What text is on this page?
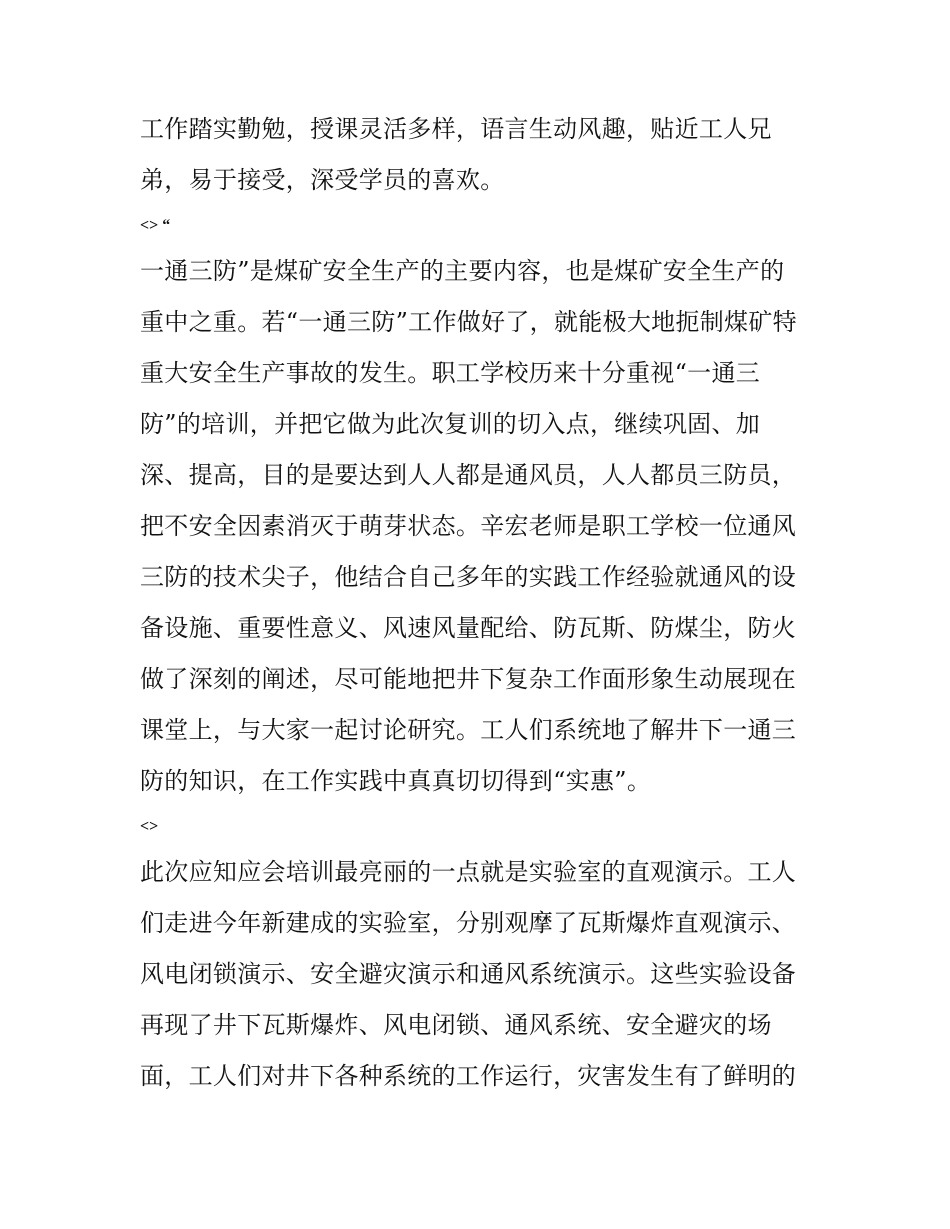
工作踏实勤勉，授课灵活多样，语言生动风趣，贴近工人兄
弟，易于接受，深受学员的喜欢。
<> “
一通三防”是煤矿安全生产的主要内容，也是煤矿安全生产的
重中之重。若“一通三防”工作做好了，就能极大地扼制煤矿特
重大安全生产事故的发生。职工学校历来十分重视“一通三
防”的培训，并把它做为此次复训的切入点，继续巩固、加
深、提高，目的是要达到人人都是通风员，人人都员三防员，
把不安全因素消灭于萌芽状态。辛宏老师是职工学校一位通风
三防的技术尖子，他结合自己多年的实践工作经验就通风的设
备设施、重要性意义、风速风量配给、防瓦斯、防煤尘，防火
做了深刻的阐述，尽可能地把井下复杂工作面形象生动展现在
课堂上，与大家一起讨论研究。工人们系统地了解井下一通三
防的知识，在工作实践中真真切切得到“实惠”。
<>
此次应知应会培训最亮丽的一点就是实验室的直观演示。工人
们走进今年新建成的实验室，分别观摩了瓦斯爆炸直观演示、
风电闭锁演示、安全避灾演示和通风系统演示。这些实验设备
再现了井下瓦斯爆炸、风电闭锁、通风系统、安全避灾的场
面，工人们对井下各种系统的工作运行，灾害发生有了鲜明的
